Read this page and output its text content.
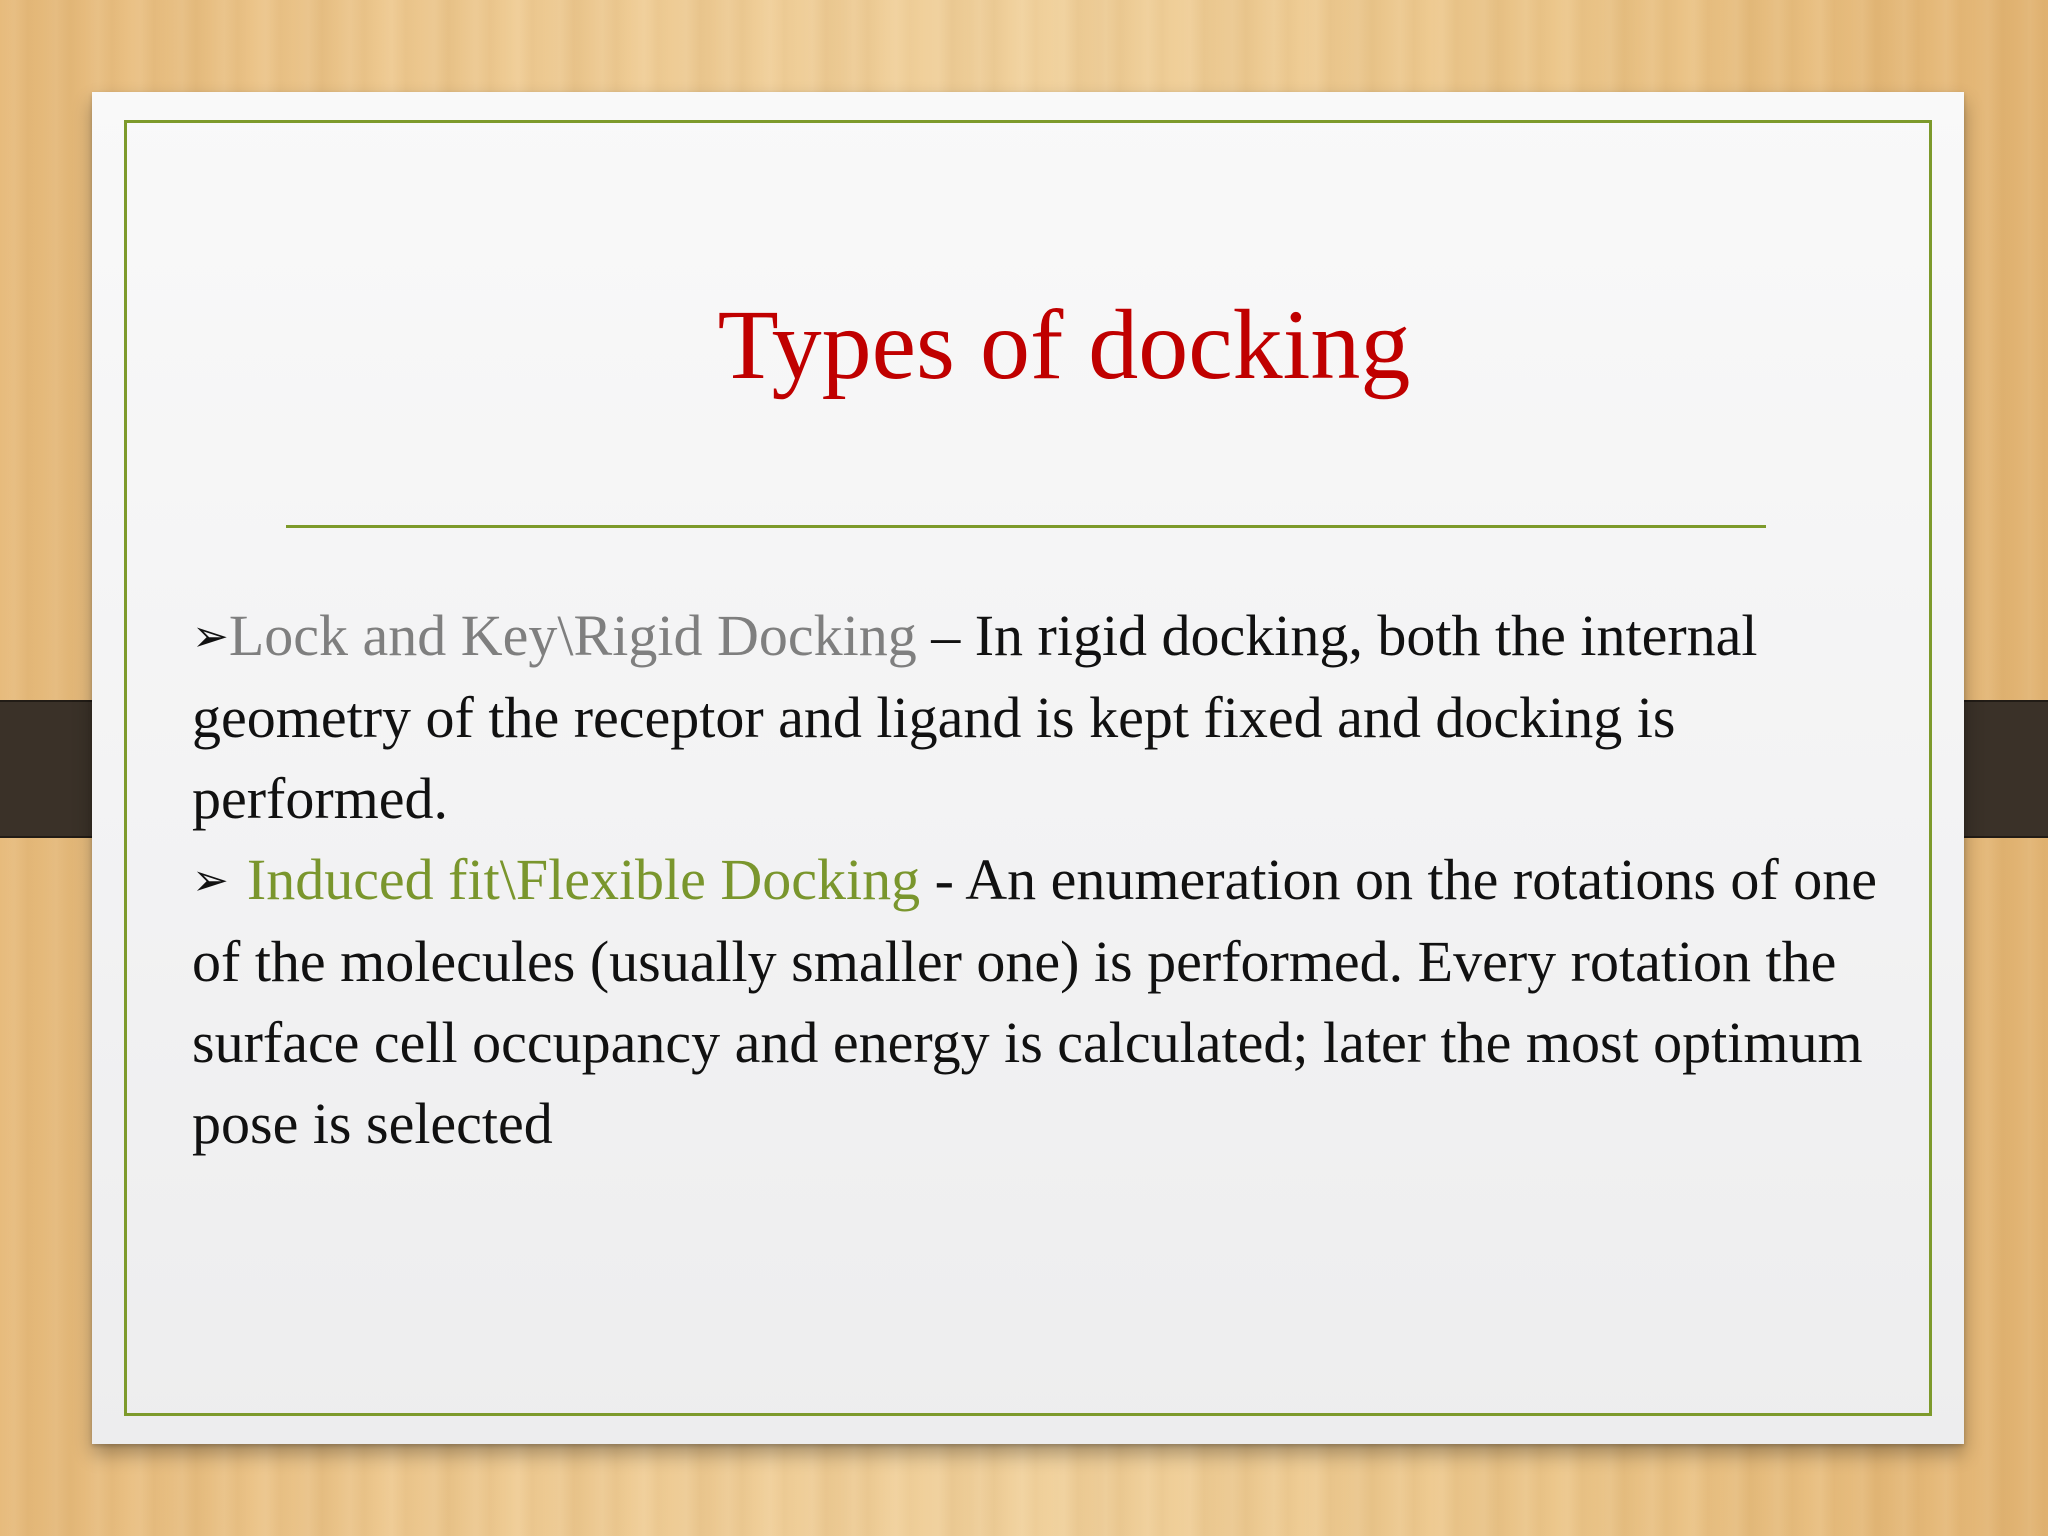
Types of docking

➢Lock and Key\Rigid Docking – In rigid docking, both the internal geometry of the receptor and ligand is kept fixed and docking is performed.

➢ Induced fit\Flexible Docking - An enumeration on the rotations of one of the molecules (usually smaller one) is performed. Every rotation the surface cell occupancy and energy is calculated; later the most optimum pose is selected
